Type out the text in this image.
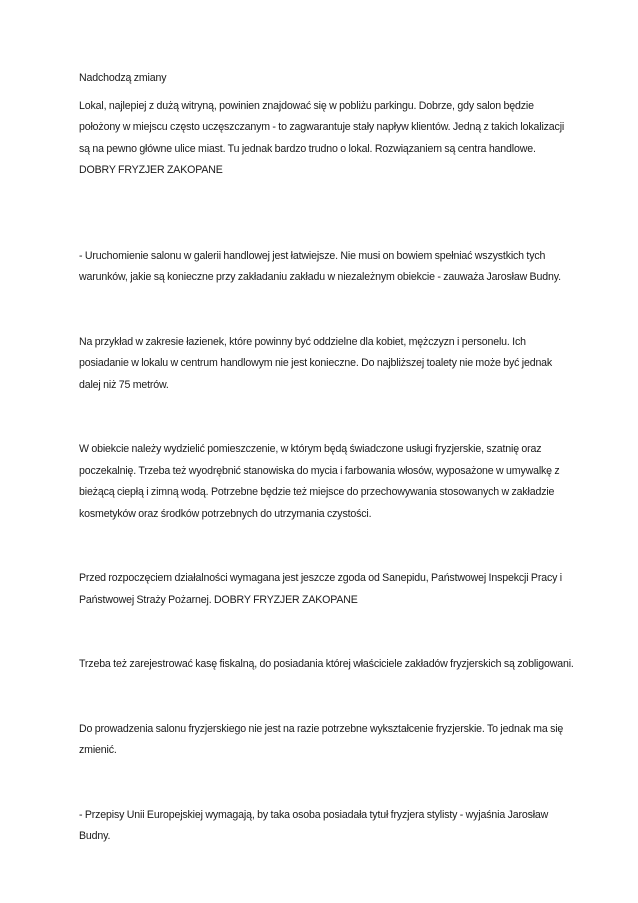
Nadchodzą zmiany

Lokal, najlepiej z dużą witryną, powinien znajdować się w pobliżu parkingu. Dobrze, gdy salon będzie położony w miejscu często uczęszczanym - to zagwarantuje stały napływ klientów. Jedną z takich lokalizacji są na pewno główne ulice miast. Tu jednak bardzo trudno o lokal. Rozwiązaniem są centra handlowe. DOBRY FRYZJER ZAKOPANE

- Uruchomienie salonu w galerii handlowej jest łatwiejsze. Nie musi on bowiem spełniać wszystkich tych warunków, jakie są konieczne przy zakładaniu zakładu w niezależnym obiekcie - zauważa Jarosław Budny.

Na przykład w zakresie łazienek, które powinny być oddzielne dla kobiet, mężczyzn i personelu. Ich posiadanie w lokalu w centrum handlowym nie jest konieczne. Do najbliższej toalety nie może być jednak dalej niż 75 metrów.

W obiekcie należy wydzielić pomieszczenie, w którym będą świadczone usługi fryzjerskie, szatnię oraz poczekalnię. Trzeba też wyodrębnić stanowiska do mycia i farbowania włosów, wyposażone w umywalkę z bieżącą ciepłą i zimną wodą. Potrzebne będzie też miejsce do przechowywania stosowanych w zakładzie kosmetyków oraz środków potrzebnych do utrzymania czystości.

Przed rozpoczęciem działalności wymagana jest jeszcze zgoda od Sanepidu, Państwowej Inspekcji Pracy i Państwowej Straży Pożarnej. DOBRY FRYZJER ZAKOPANE

Trzeba też zarejestrować kasę fiskalną, do posiadania której właściciele zakładów fryzjerskich są zobligowani.

Do prowadzenia salonu fryzjerskiego nie jest na razie potrzebne wykształcenie fryzjerskie. To jednak ma się zmienić.

- Przepisy Unii Europejskiej wymagają, by taka osoba posiadała tytuł fryzjera stylisty - wyjaśnia Jarosław Budny.
